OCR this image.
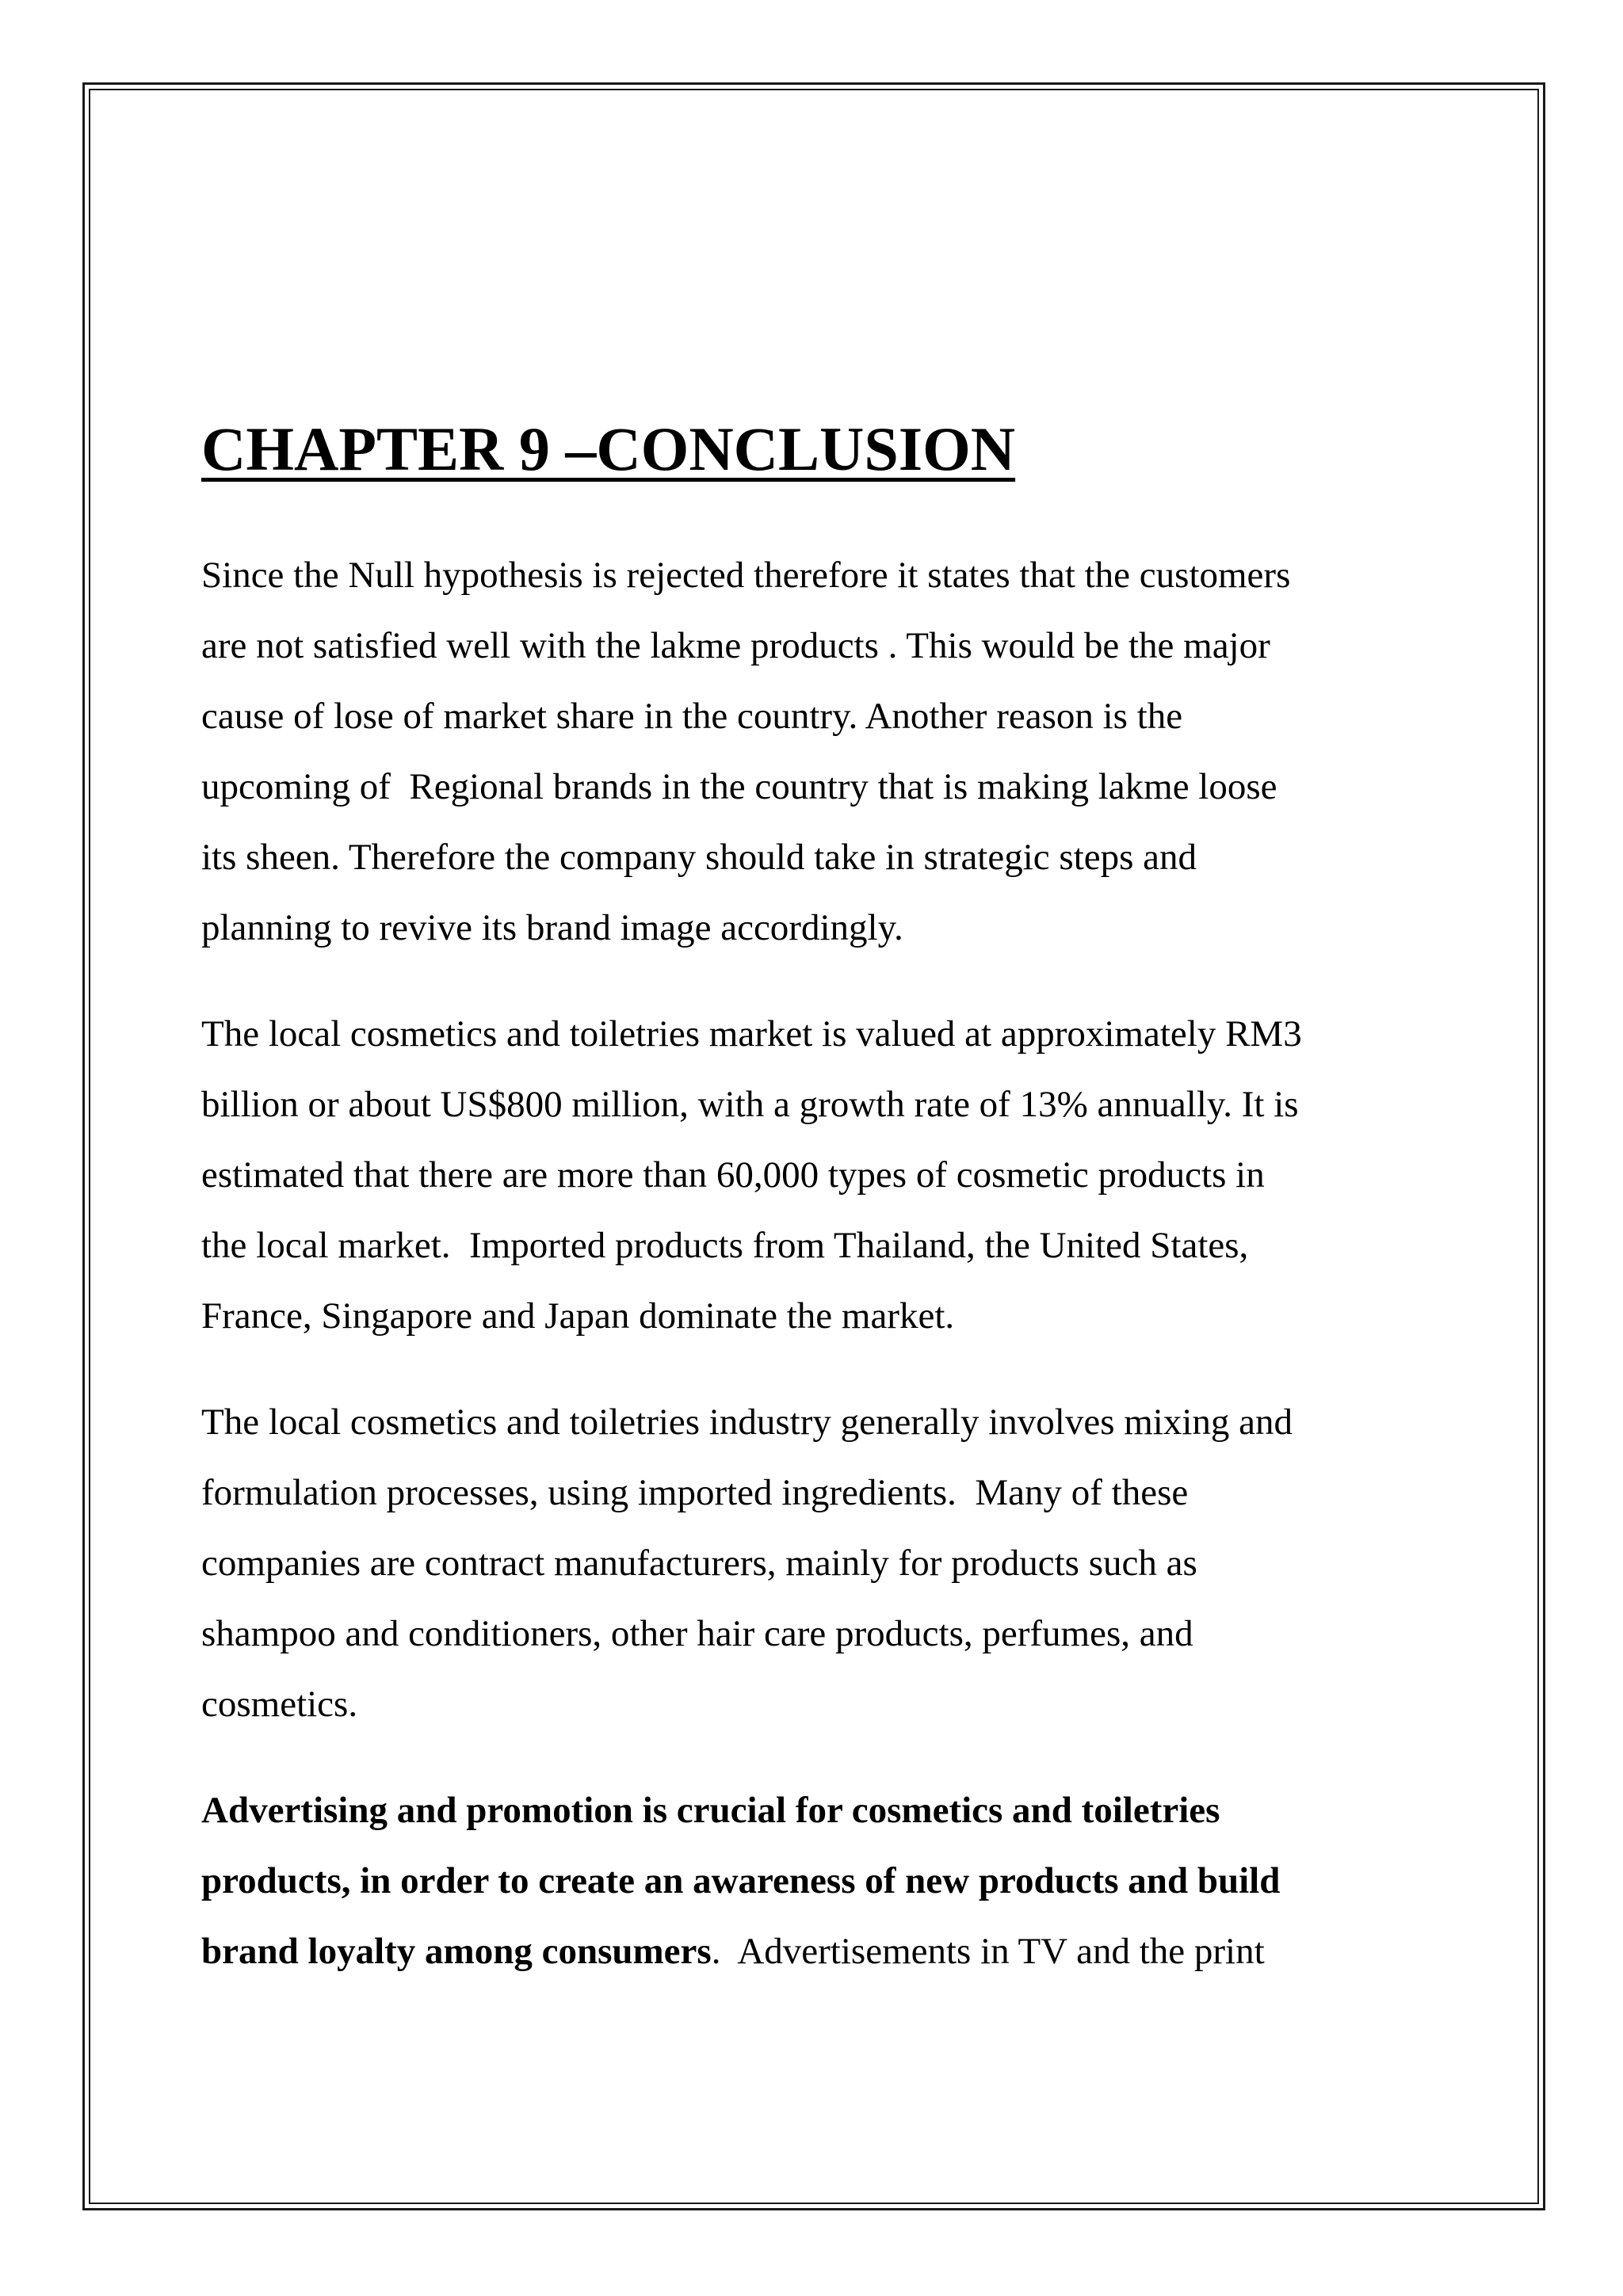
CHAPTER 9 –CONCLUSION

Since the Null hypothesis is rejected therefore it states that the customers
are not satisfied well with the lakme products . This would be the major
cause of lose of market share in the country. Another reason is the
upcoming of  Regional brands in the country that is making lakme loose
its sheen. Therefore the company should take in strategic steps and
planning to revive its brand image accordingly.

The local cosmetics and toiletries market is valued at approximately RM3
billion or about US$800 million, with a growth rate of 13% annually. It is
estimated that there are more than 60,000 types of cosmetic products in
the local market.  Imported products from Thailand, the United States,
France, Singapore and Japan dominate the market.

The local cosmetics and toiletries industry generally involves mixing and
formulation processes, using imported ingredients.  Many of these
companies are contract manufacturers, mainly for products such as
shampoo and conditioners, other hair care products, perfumes, and
cosmetics.

Advertising and promotion is crucial for cosmetics and toiletries
products, in order to create an awareness of new products and build
brand loyalty among consumers.  Advertisements in TV and the print
